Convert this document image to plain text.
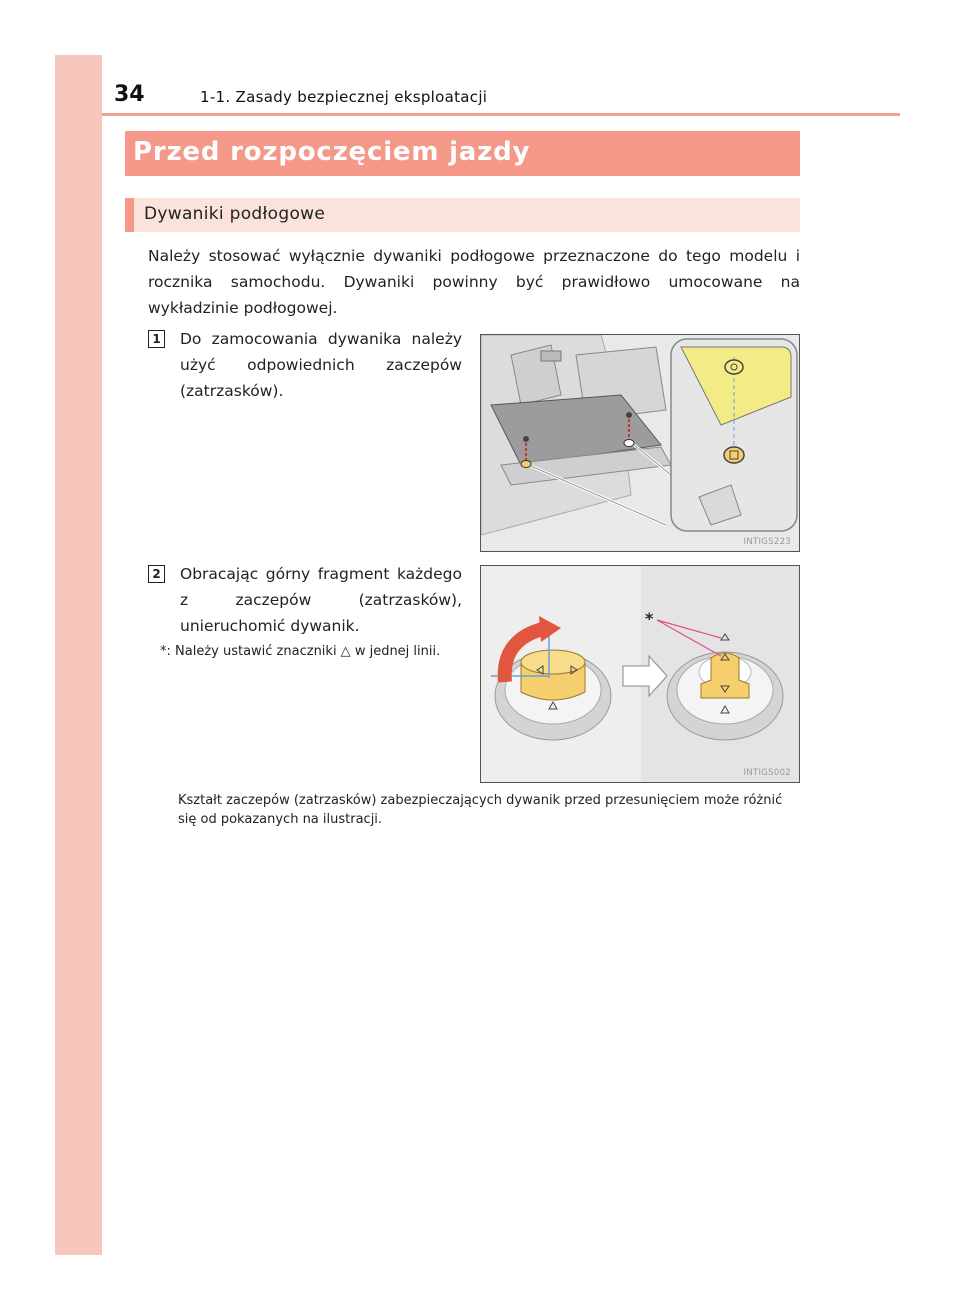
34	1-1. Zasady bezpiecznej eksploatacji
Przed rozpoczęciem jazdy
Dywaniki podłogowe

Należy stosować wyłącznie dywaniki podłogowe przeznaczone do tego modelu i rocznika samochodu. Dywaniki powinny być prawidłowo umocowane na wykładzinie podłogowej.

1 Do zamocowania dywanika należy użyć odpowiednich zaczepów (zatrzasków).

INTIGS223
2 Obracając górny fragment każdego z zaczepów (zatrzasków), unieruchomić dywanik.

*: Należy ustawić znaczniki △ w jednej linii.

*
INTIGS002

Kształt zaczepów (zatrzasków) zabezpieczających dywanik przed przesunięciem może różnić się od pokazanych na ilustracji.
